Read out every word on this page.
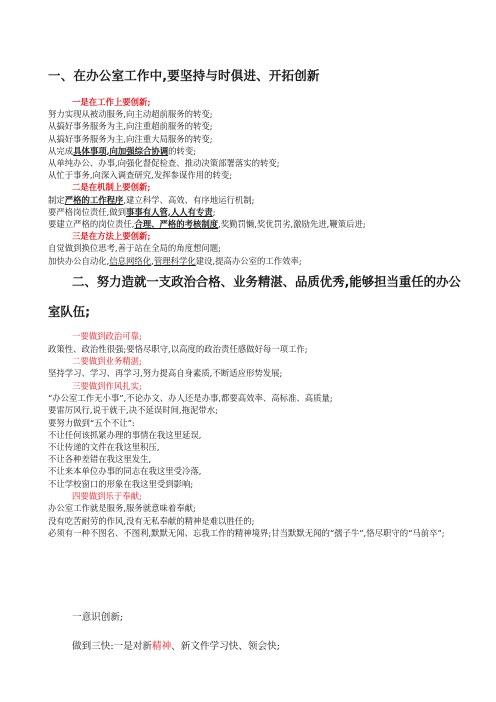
一、在办公室工作中,要坚持与时俱进、开拓创新
一是在工作上要创新;
努力实现从被动服务,向主动超前服务的转变;
从搞好事务服务为主,向注重超前服务的转变;
从搞好事务服务为主,向注重大局服务的转变;
从完成具体事项,向加强综合协调的转变;
从单纯办公、办事,向强化督促检查、推动决策部署落实的转变;
从忙于事务,向深入调查研究,发挥参谋作用的转变;
二是在机制上要创新;
制定严格的工作程序,建立科学、高效、有序地运行机制;
要严格岗位责任,做到事事有人管,人人有专责;
要建立严格的岗位责任,合理、严格的考核制度,奖勤罚懒,奖优罚劣,激励先进,鞭策后进;
三是在方法上要创新;
自觉做到换位思考,善于站在全局的角度想问题;
加快办公自动化,信息网络化,管理科学化建设,提高办公室的工作效率;
二、努力造就一支政治合格、业务精湛、品质优秀,能够担当重任的办公室队伍;
一要做到政治可靠;
政策性、政治性很强;要恪尽职守,以高度的政治责任感做好每一项工作;
二要做到业务精湛;
坚持学习、学习、再学习,努力提高自身素质,不断适应形势发展;
三要做到作风扎实;
“办公室工作无小事”,不论办文、办人还是办事,都要高效率、高标准、高质量;
要雷厉风行,说干就干,决不延误时间,拖泥带水;
要努力做到“五个不让”:
不让任何该抓紧办理的事情在我这里延误,
不让传递的文件在我这里积压,
不让各种差错在我这里发生,
不让来本单位办事的同志在我这里受冷落,
不让学校窗口的形象在我这里受到影响;
四要做到乐于奉献;
办公室工作就是服务,服务就意味着奉献;
没有吃苦耐劳的作风,没有无私奉献的精神是难以胜任的;
必须有一种不图名、不图利,默默无闻、忘我工作的精神境界;甘当默默无闻的“孺子牛”,恪尽职守的“马前卒”;
一意识创新;
做到三快:一是对新精神、新文件学习快、领会快;
